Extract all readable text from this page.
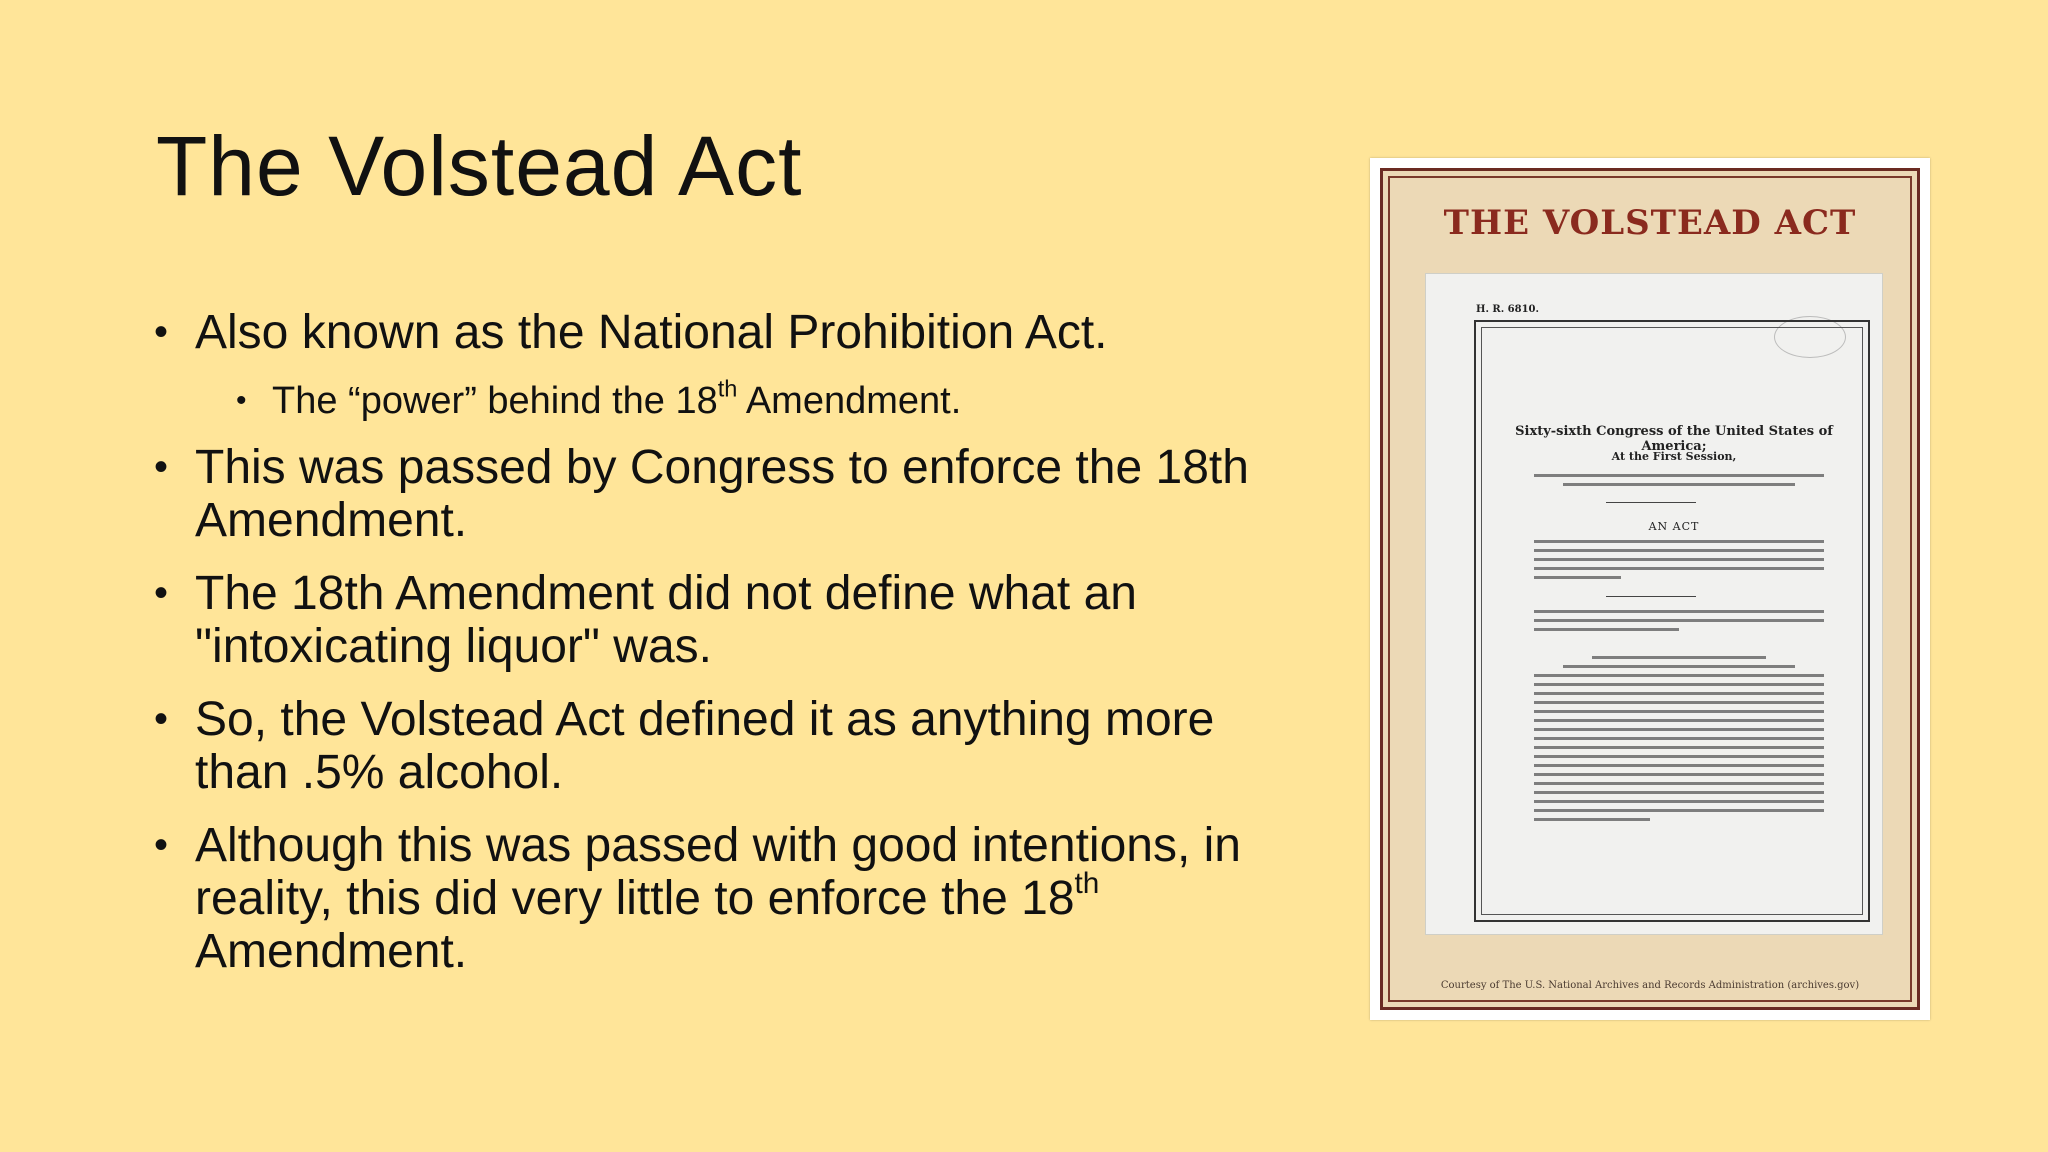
The Volstead Act
• Also known as the National Prohibition Act.
• The “power” behind the 18th Amendment.
• This was passed by Congress to enforce the 18th Amendment.
• The 18th Amendment did not define what an "intoxicating liquor" was.
• So, the Volstead Act defined it as anything more than .5% alcohol.
• Although this was passed with good intentions, in reality, this did very little to enforce the 18th
Amendment.
THE VOLSTEAD ACT
H. R. 6810.
Sixty-sixth Congress of the United States of America;
At the First Session,
AN ACT
Courtesy of The U.S. National Archives and Records Administration (archives.gov)
